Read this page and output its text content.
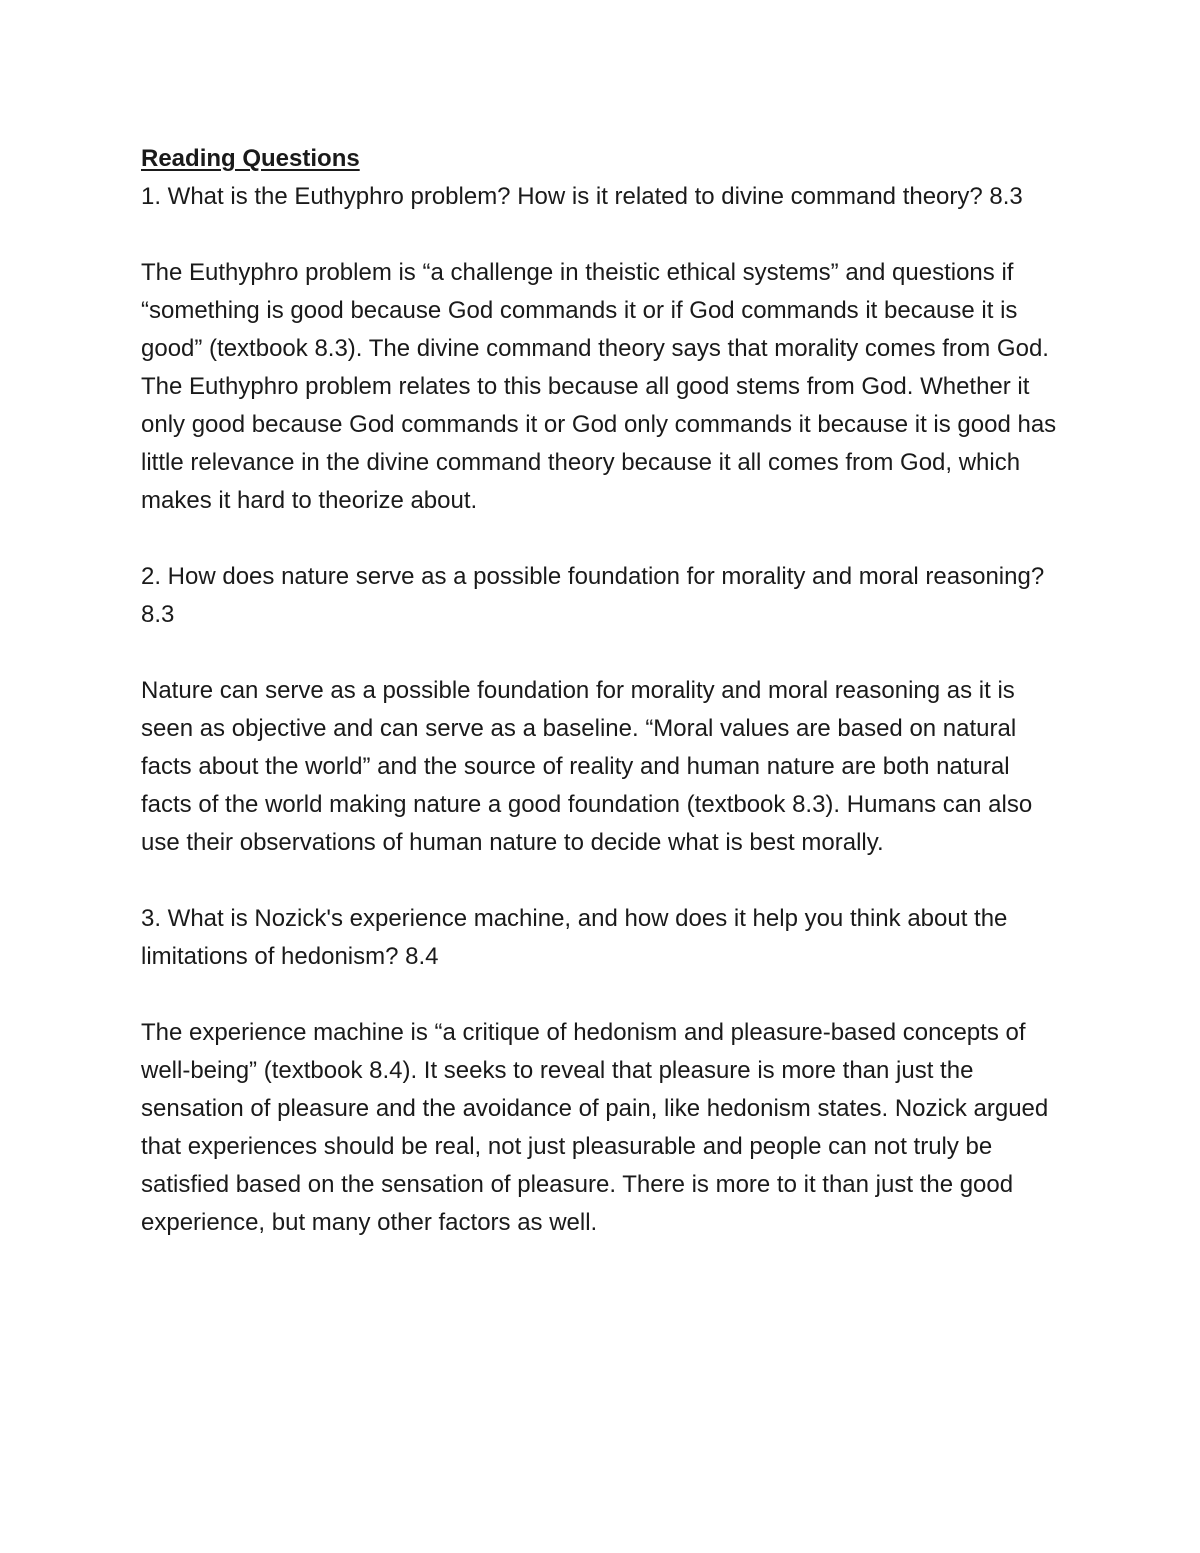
Reading Questions

1. What is the Euthyphro problem? How is it related to divine command theory? 8.3

The Euthyphro problem is “a challenge in theistic ethical systems” and questions if “something is good because God commands it or if God commands it because it is good” (textbook 8.3). The divine command theory says that morality comes from God. The Euthyphro problem relates to this because all good stems from God. Whether it only good because God commands it or God only commands it because it is good has little relevance in the divine command theory because it all comes from God, which makes it hard to theorize about.

2. How does nature serve as a possible foundation for morality and moral reasoning? 8.3

Nature can serve as a possible foundation for morality and moral reasoning as it is seen as objective and can serve as a baseline. “Moral values are based on natural facts about the world” and the source of reality and human nature are both natural facts of the world making nature a good foundation (textbook 8.3). Humans can also use their observations of human nature to decide what is best morally.

3. What is Nozick's experience machine, and how does it help you think about the limitations of hedonism? 8.4

The experience machine is “a critique of hedonism and pleasure-based concepts of well-being” (textbook 8.4). It seeks to reveal that pleasure is more than just the sensation of pleasure and the avoidance of pain, like hedonism states. Nozick argued that experiences should be real, not just pleasurable and people can not truly be satisfied based on the sensation of pleasure. There is more to it than just the good experience, but many other factors as well.
